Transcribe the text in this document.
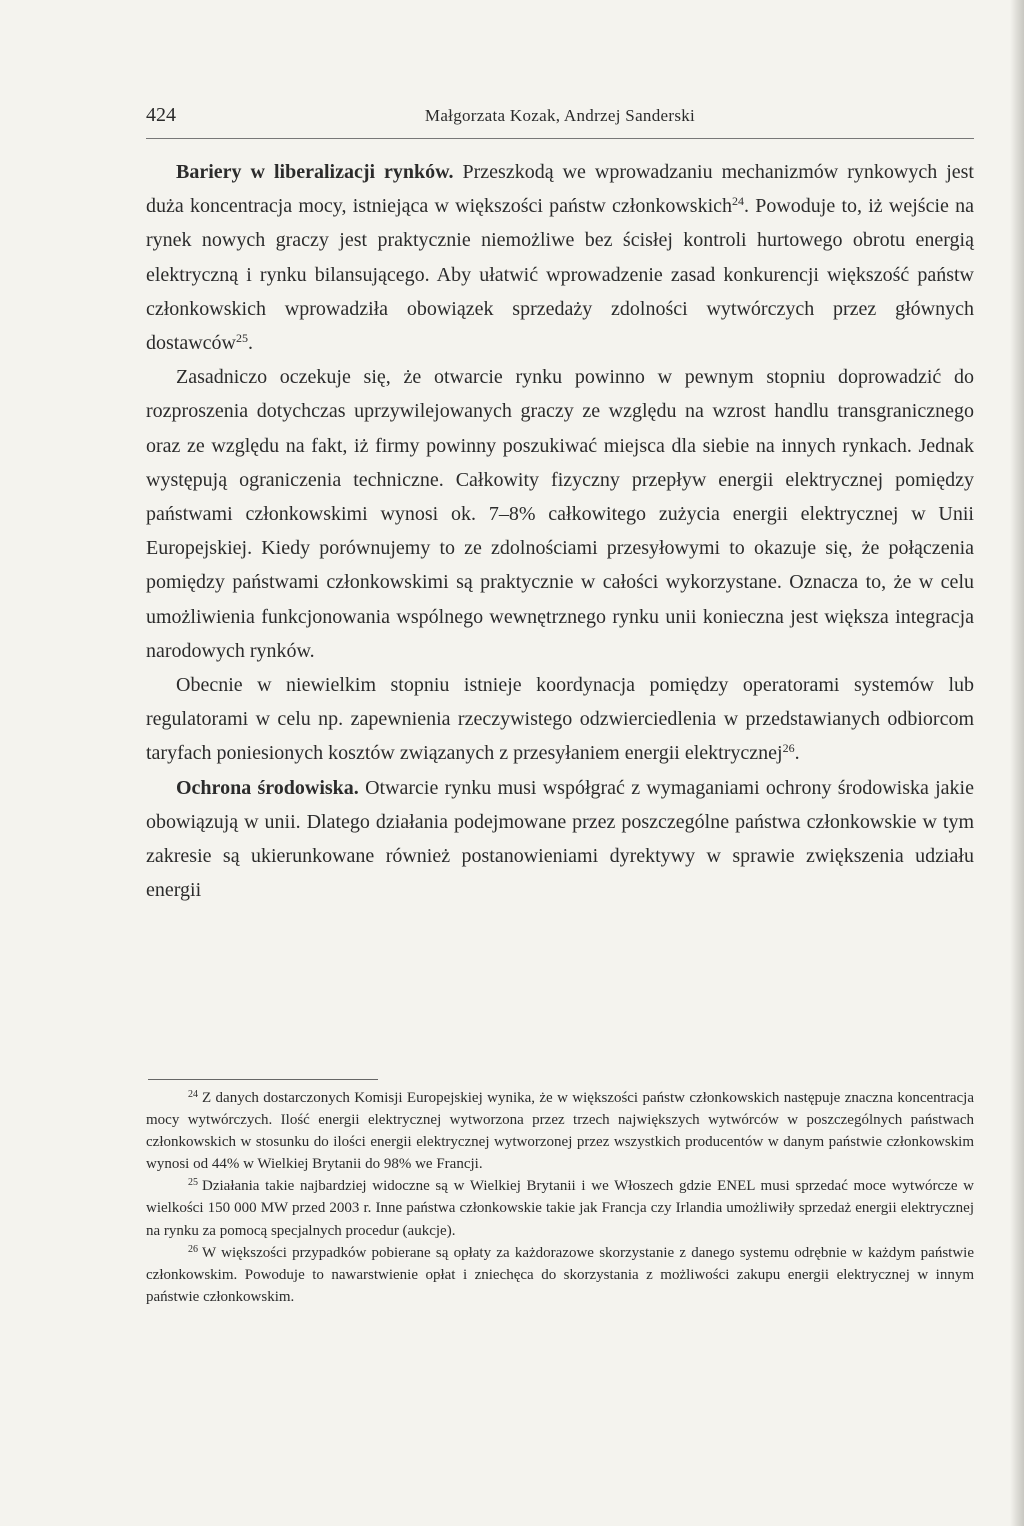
424	Małgorzata Kozak, Andrzej Sanderski

Bariery w liberalizacji rynków. Przeszkodą we wprowadzaniu mechanizmów rynkowych jest duża koncentracja mocy, istniejąca w większości państw członkowskich$^{24}$. Powoduje to, iż wejście na rynek nowych graczy jest praktycznie niemożliwe bez ścisłej kontroli hurtowego obrotu energią elektryczną i rynku bilansującego. Aby ułatwić wprowadzenie zasad konkurencji większość państw członkowskich wprowadziła obowiązek sprzedaży zdolności wytwórczych przez głównych dostawców$^{25}$.

Zasadniczo oczekuje się, że otwarcie rynku powinno w pewnym stopniu doprowadzić do rozproszenia dotychczas uprzywilejowanych graczy ze względu na wzrost handlu transgranicznego oraz ze względu na fakt, iż firmy powinny poszukiwać miejsca dla siebie na innych rynkach. Jednak występują ograniczenia techniczne. Całkowity fizyczny przepływ energii elektrycznej pomiędzy państwami członkowskimi wynosi ok. 7–8% całkowitego zużycia energii elektrycznej w Unii Europejskiej. Kiedy porównujemy to ze zdolnościami przesyłowymi to okazuje się, że połączenia pomiędzy państwami członkowskimi są praktycznie w całości wykorzystane. Oznacza to, że w celu umożliwienia funkcjonowania wspólnego wewnętrznego rynku unii konieczna jest większa integracja narodowych rynków.

Obecnie w niewielkim stopniu istnieje koordynacja pomiędzy operatorami systemów lub regulatorami w celu np. zapewnienia rzeczywistego odzwierciedlenia w przedstawianych odbiorcom taryfach poniesionych kosztów związanych z przesyłaniem energii elektrycznej$^{26}$.

Ochrona środowiska. Otwarcie rynku musi współgrać z wymaganiami ochrony środowiska jakie obowiązują w unii. Dlatego działania podejmowane przez poszczególne państwa członkowskie w tym zakresie są ukierunkowane również postanowieniami dyrektywy w sprawie zwiększenia udziału energii

$^{24}$ Z danych dostarczonych Komisji Europejskiej wynika, że w większości państw członkowskich następuje znaczna koncentracja mocy wytwórczych. Ilość energii elektrycznej wytworzona przez trzech największych wytwórców w poszczególnych państwach członkowskich w stosunku do ilości energii elektrycznej wytworzonej przez wszystkich producentów w danym państwie członkowskim wynosi od 44% w Wielkiej Brytanii do 98% we Francji.

$^{25}$ Działania takie najbardziej widoczne są w Wielkiej Brytanii i we Włoszech gdzie ENEL musi sprzedać moce wytwórcze w wielkości 150 000 MW przed 2003 r. Inne państwa członkowskie takie jak Francja czy Irlandia umożliwiły sprzedaż energii elektrycznej na rynku za pomocą specjalnych procedur (aukcje).

$^{26}$ W większości przypadków pobierane są opłaty za każdorazowe skorzystanie z danego systemu odrębnie w każdym państwie członkowskim. Powoduje to nawarstwienie opłat i zniechęca do skorzystania z możliwości zakupu energii elektrycznej w innym państwie członkowskim.
